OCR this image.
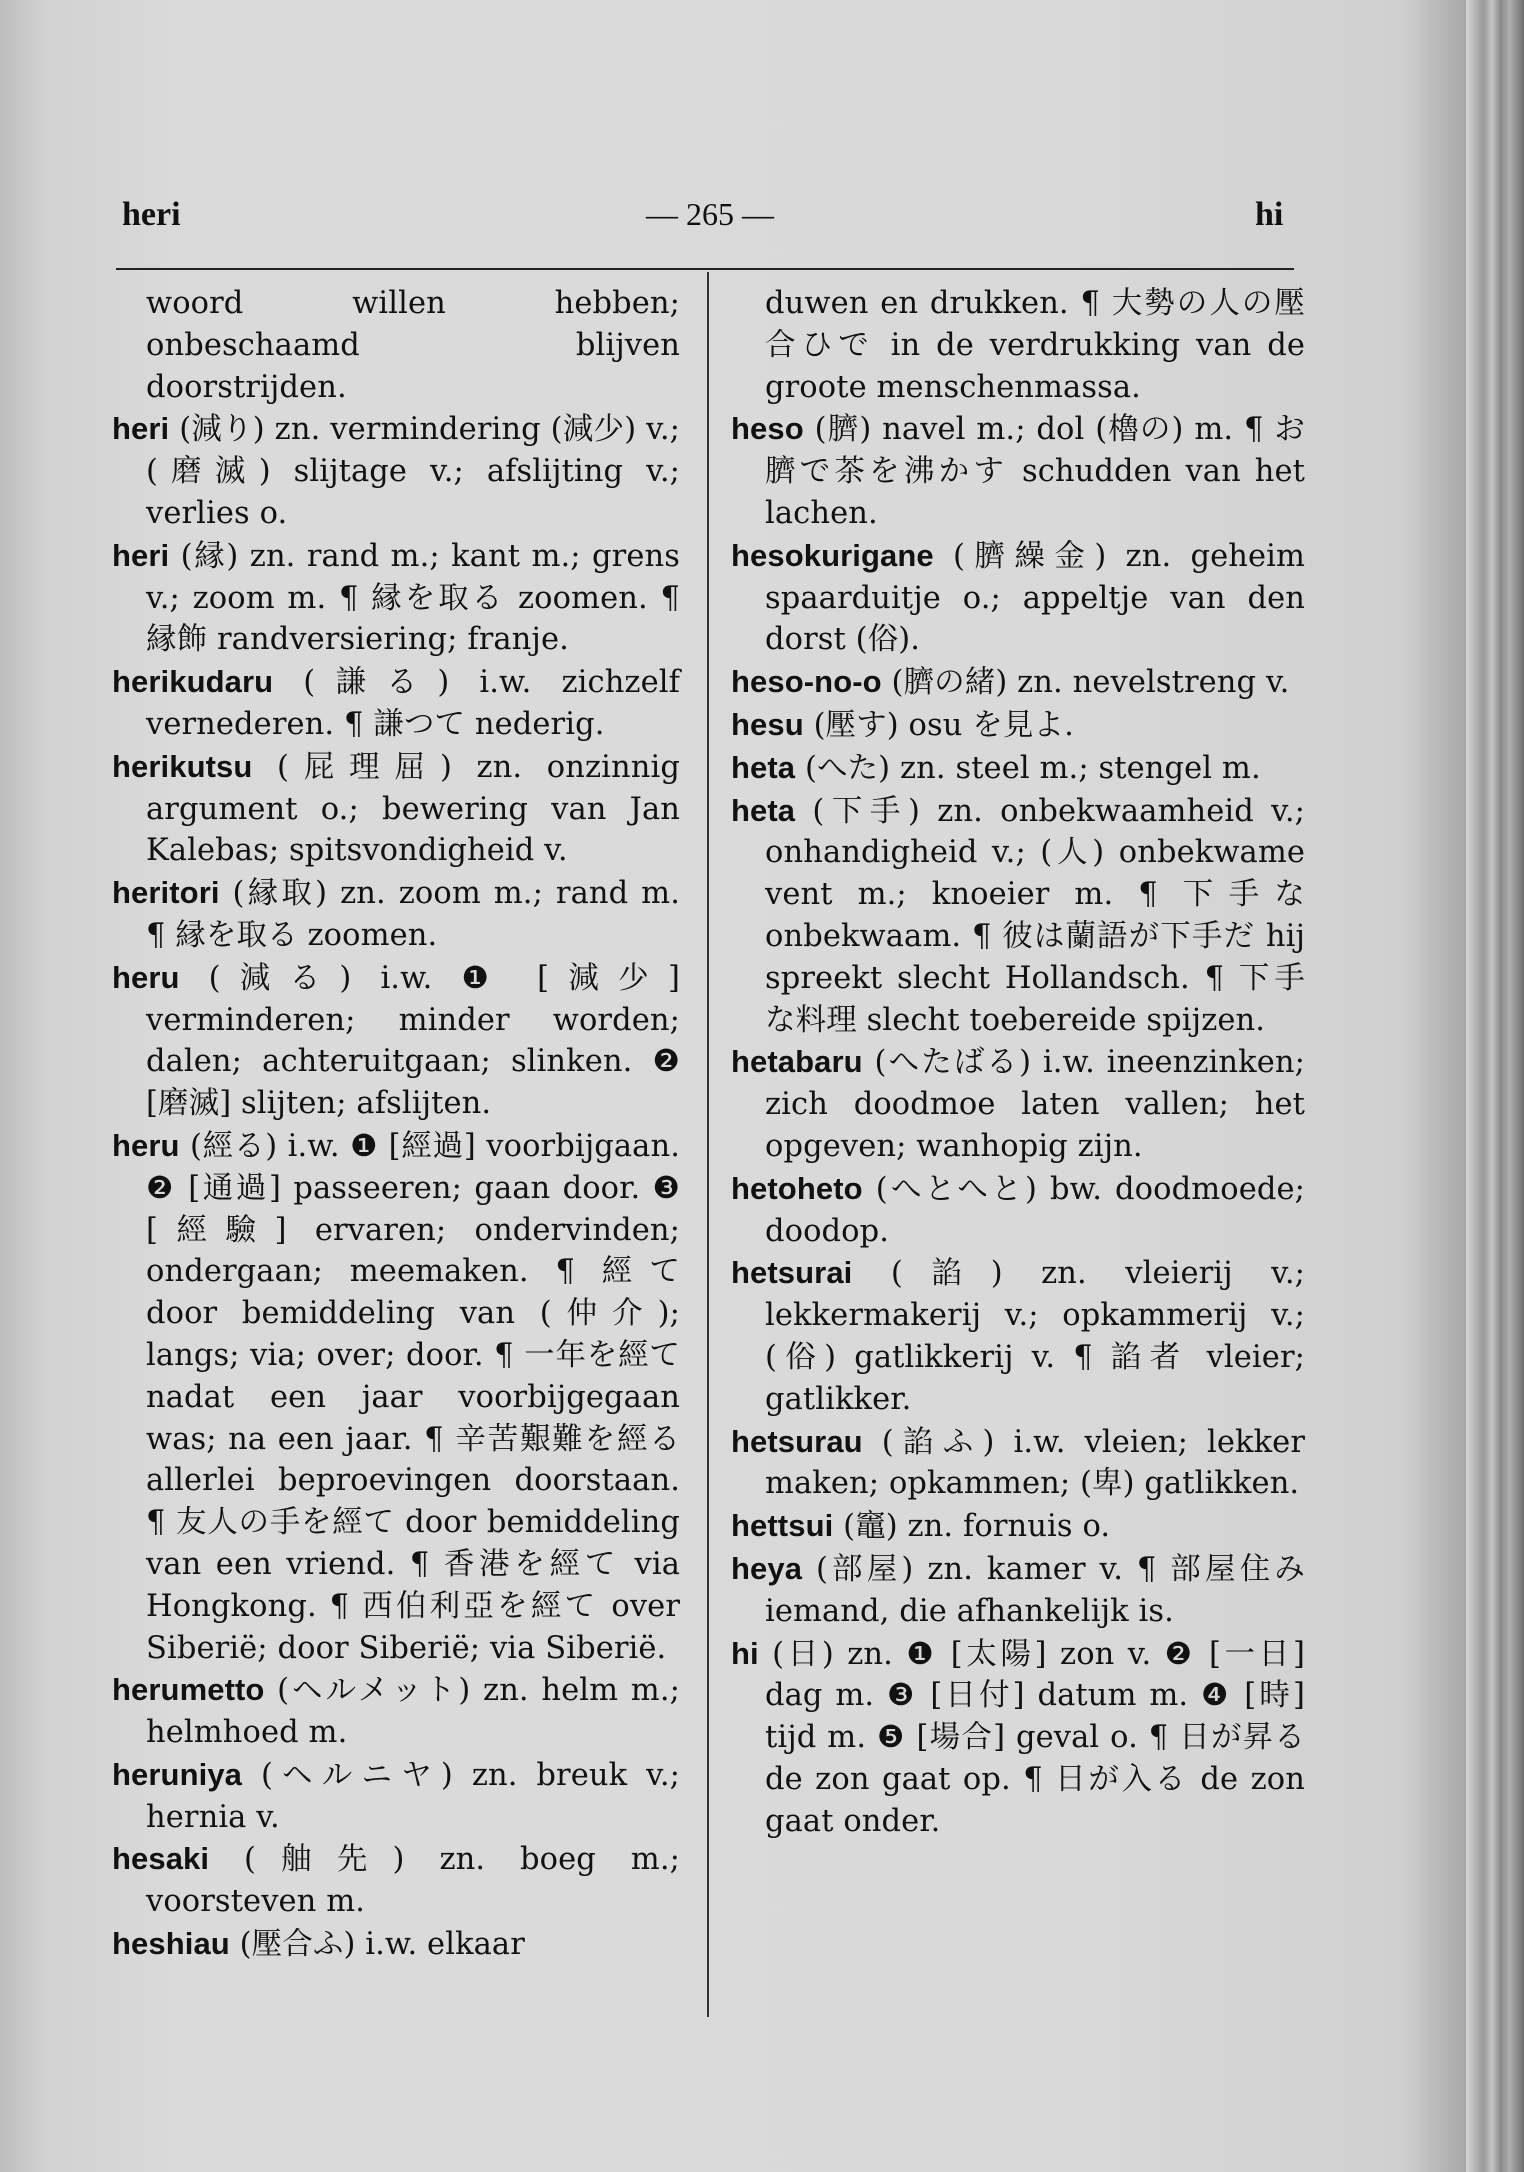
heri	— 265 —	hi

woord willen hebben; onbeschaamd blijven doorstrijden.

heri (減り) zn. vermindering (減少) v.; (磨滅) slijtage v.; afslijting v.; verlies o.

heri (縁) zn. rand m.; kant m.; grens v.; zoom m. ¶ 縁を取る zoomen. ¶ 縁飾 randversiering; franje.

herikudaru (謙る) i.w. zichzelf vernederen. ¶ 謙つて nederig.

herikutsu (屁理屈) zn. onzinnig argument o.; bewering van Jan Kalebas; spitsvondigheid v.

heritori (縁取) zn. zoom m.; rand m. ¶ 縁を取る zoomen.

heru (減る) i.w. ❶ [減少] verminderen; minder worden; dalen; achteruitgaan; slinken. ❷ [磨滅] slijten; afslijten.

heru (經る) i.w. ❶ [經過] voorbijgaan. ❷ [通過] passeeren; gaan door. ❸ [經驗] ervaren; ondervinden; ondergaan; meemaken. ¶ 經て door bemiddeling van (仲介); langs; via; over; door. ¶ 一年を經て nadat een jaar voorbijgegaan was; na een jaar. ¶ 辛苦艱難を經る allerlei beproevingen doorstaan. ¶ 友人の手を經て door bemiddeling van een vriend. ¶ 香港を經て via Hongkong. ¶ 西伯利亞を經て over Siberië; door Siberië; via Siberië.

herumetto (ヘルメット) zn. helm m.; helmhoed m.

heruniya (ヘルニヤ) zn. breuk v.; hernia v.

hesaki (舳先) zn. boeg m.; voorsteven m.

heshiau (壓合ふ) i.w. elkaar

duwen en drukken. ¶ 大勢の人の壓合ひで in de verdrukking van de groote menschenmassa.

heso (臍) navel m.; dol (櫓の) m. ¶ お臍で茶を沸かす schudden van het lachen.

hesokurigane (臍繰金) zn. geheim spaarduitje o.; appeltje van den dorst (俗).

heso-no-o (臍の緒) zn. nevelstreng v.

hesu (壓す) osu を見よ.

heta (へた) zn. steel m.; stengel m.

heta (下手) zn. onbekwaamheid v.; onhandigheid v.; (人) onbekwame vent m.; knoeier m. ¶ 下手な onbekwaam. ¶ 彼は蘭語が下手だ hij spreekt slecht Hollandsch. ¶ 下手な料理 slecht toebereide spijzen.

hetabaru (へたばる) i.w. ineenzinken; zich doodmoe laten vallen; het opgeven; wanhopig zijn.

hetoheto (へとへと) bw. doodmoede; doodop.

hetsurai (諂) zn. vleierij v.; lekkermakerij v.; opkammerij v.; (俗) gatlikkerij v. ¶ 諂者 vleier; gatlikker.

hetsurau (諂ふ) i.w. vleien; lekker maken; opkammen; (卑) gatlikken.

hettsui (竈) zn. fornuis o.

heya (部屋) zn. kamer v. ¶ 部屋住み iemand, die afhankelijk is.

hi (日) zn. ❶ [太陽] zon v. ❷ [一日] dag m. ❸ [日付] datum m. ❹ [時] tijd m. ❺ [場合] geval o. ¶ 日が昇る de zon gaat op. ¶ 日が入る de zon gaat onder.
